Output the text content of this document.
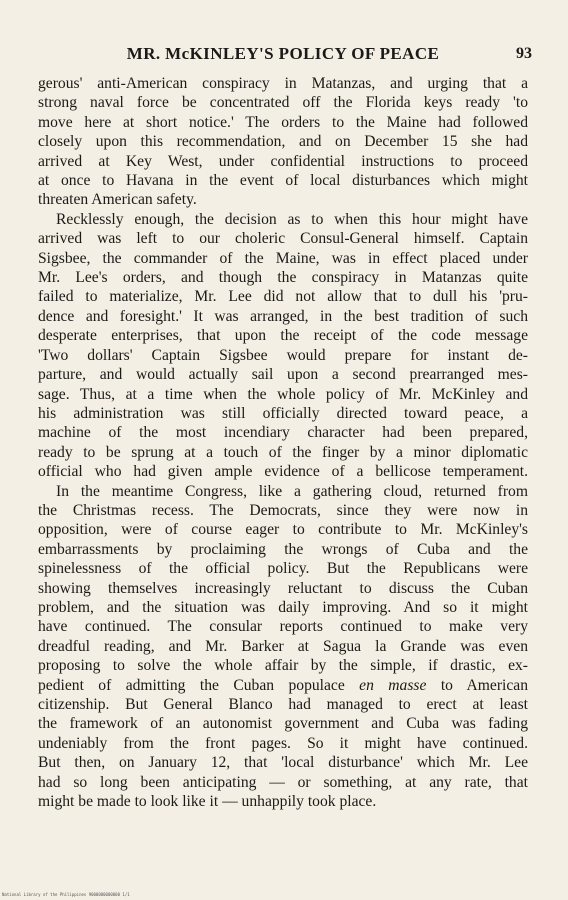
MR. McKINLEY'S POLICY OF PEACE	93

gerous' anti-American conspiracy in Matanzas, and urging that a
strong naval force be concentrated off the Florida keys ready 'to
move here at short notice.' The orders to the Maine had followed
closely upon this recommendation, and on December 15 she had
arrived at Key West, under confidential instructions to proceed
at once to Havana in the event of local disturbances which might
threaten American safety.

Recklessly enough, the decision as to when this hour might have
arrived was left to our choleric Consul-General himself. Captain
Sigsbee, the commander of the Maine, was in effect placed under
Mr. Lee's orders, and though the conspiracy in Matanzas quite
failed to materialize, Mr. Lee did not allow that to dull his 'pru-
dence and foresight.' It was arranged, in the best tradition of such
desperate enterprises, that upon the receipt of the code message
'Two dollars' Captain Sigsbee would prepare for instant de-
parture, and would actually sail upon a second prearranged mes-
sage. Thus, at a time when the whole policy of Mr. McKinley and
his administration was still officially directed toward peace, a
machine of the most incendiary character had been prepared,
ready to be sprung at a touch of the finger by a minor diplomatic
official who had given ample evidence of a bellicose temperament.

In the meantime Congress, like a gathering cloud, returned from
the Christmas recess. The Democrats, since they were now in
opposition, were of course eager to contribute to Mr. McKinley's
embarrassments by proclaiming the wrongs of Cuba and the
spinelessness of the official policy. But the Republicans were
showing themselves increasingly reluctant to discuss the Cuban
problem, and the situation was daily improving. And so it might
have continued. The consular reports continued to make very
dreadful reading, and Mr. Barker at Sagua la Grande was even
proposing to solve the whole affair by the simple, if drastic, ex-
pedient of admitting the Cuban populace en masse to American
citizenship. But General Blanco had managed to erect at least
the framework of an autonomist government and Cuba was fading
undeniably from the front pages. So it might have continued.
But then, on January 12, that 'local disturbance' which Mr. Lee
had so long been anticipating — or something, at any rate, that
might be made to look like it — unhappily took place.

National Library of the Philippines 9000000000000 1/1
